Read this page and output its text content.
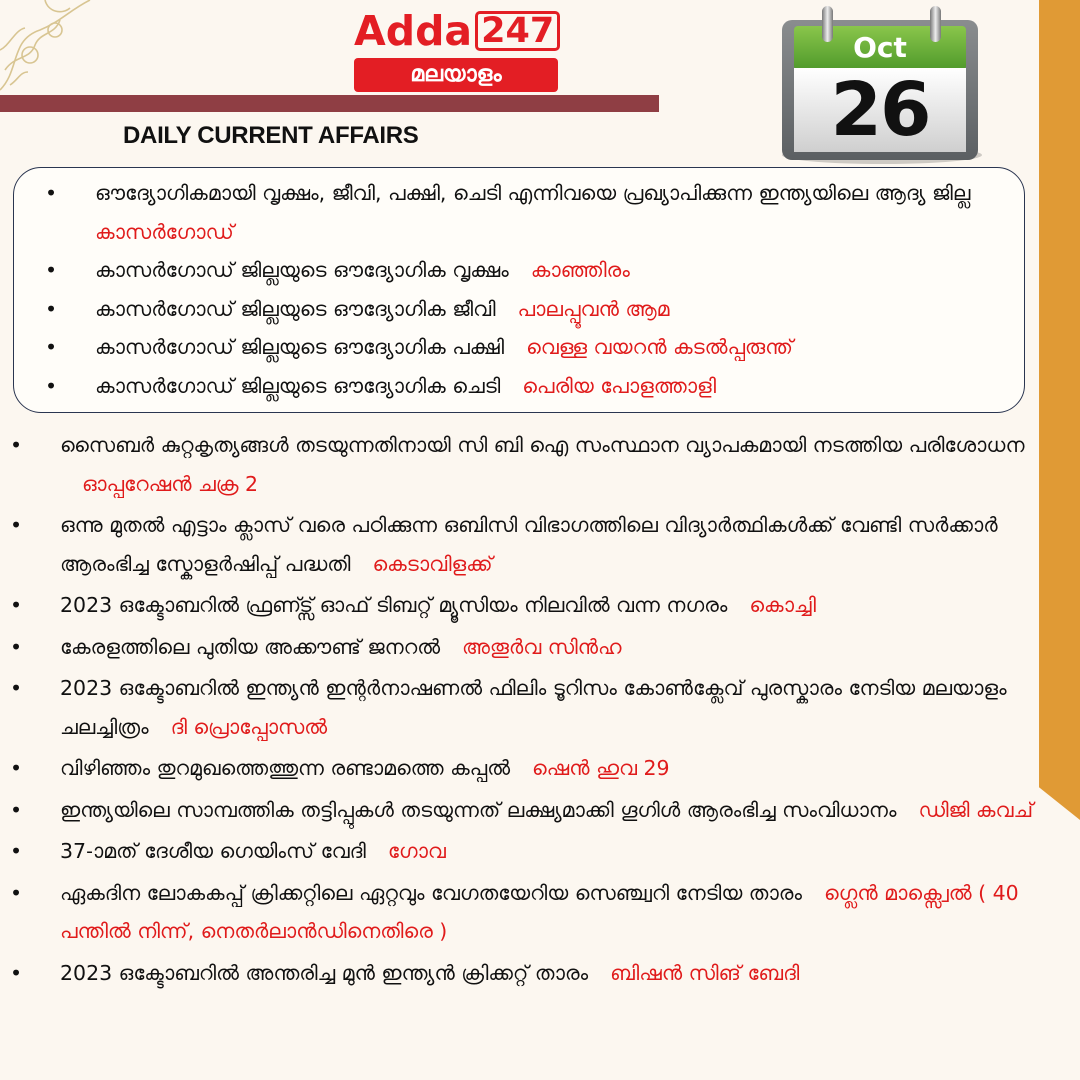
Adda 247
മലയാളം
DAILY CURRENT AFFAIRS
Oct
26
• ഔദ്യോഗികമായി വൃക്ഷം, ജീവി, പക്ഷി, ചെടി എന്നിവയെ പ്രഖ്യാപിക്കുന്ന ഇന്ത്യയിലെ ആദ്യ ജില്ലകാസർഗോഡ്
• കാസർഗോഡ് ജില്ലയുടെ ഔദ്യോഗിക വൃക്ഷം കാഞ്ഞിരം
• കാസർഗോഡ് ജില്ലയുടെ ഔദ്യോഗിക ജീവി പാലപ്പൂവൻ ആമ
• കാസർഗോഡ് ജില്ലയുടെ ഔദ്യോഗിക പക്ഷി വെള്ള വയറൻ കടൽപ്പരുന്ത്
• കാസർഗോഡ് ജില്ലയുടെ ഔദ്യോഗിക ചെടി പെരിയ പോളത്താളി
• സൈബർ കുറ്റകൃത്യങ്ങൾ തടയുന്നതിനായി സി ബി ഐ സംസ്ഥാന വ്യാപകമായി നടത്തിയ പരിശോധനഓപ്പറേഷൻ ചക്ര 2
• ഒന്നു മുതൽ എട്ടാം ക്ലാസ് വരെ പഠിക്കുന്ന ഒബിസി വിഭാഗത്തിലെ വിദ്യാർത്ഥികൾക്ക് വേണ്ടി സർക്കാർ ആരംഭിച്ച സ്കോളർഷിപ്പ് പദ്ധതി കെടാവിളക്ക്
• 2023 ഒക്ടോബറിൽ ഫ്രണ്ട്സ് ഓഫ് ടിബറ്റ് മ്യൂസിയം നിലവിൽ വന്ന നഗരം കൊച്ചി
• കേരളത്തിലെ പുതിയ അക്കൗണ്ട് ജനറൽ അതൂർവ സിൻഹ
• 2023 ഒക്ടോബറിൽ ഇന്ത്യൻ ഇന്റർനാഷണൽ ഫിലിം ടൂറിസം കോൺക്ലേവ് പുരസ്കാരം നേടിയ മലയാളം ചലച്ചിത്രം ദി പ്രൊപ്പോസൽ
• വിഴിഞ്ഞം തുറമുഖത്തെത്തുന്ന രണ്ടാമത്തെ കപ്പൽ ഷെൻ ഹുവ 29
• ഇന്ത്യയിലെ സാമ്പത്തിക തട്ടിപ്പുകൾ തടയുന്നത് ലക്ഷ്യമാക്കി ഗൂഗിൾ ആരംഭിച്ച സംവിധാനം ഡിജി കവച്
• 37-ാമത് ദേശീയ ഗെയിംസ് വേദി ഗോവ
• ഏകദിന ലോകകപ്പ് ക്രിക്കറ്റിലെ ഏറ്റവും വേഗതയേറിയ സെഞ്ച്വറി നേടിയ താരം ഗ്ലെൻ മാക്സ്വെൽ ( 40 പന്തിൽ നിന്ന്, നെതർലാൻഡിനെതിരെ )
• 2023 ഒക്ടോബറിൽ അന്തരിച്ച മുൻ ഇന്ത്യൻ ക്രിക്കറ്റ് താരം ബിഷൻ സിങ് ബേദി
